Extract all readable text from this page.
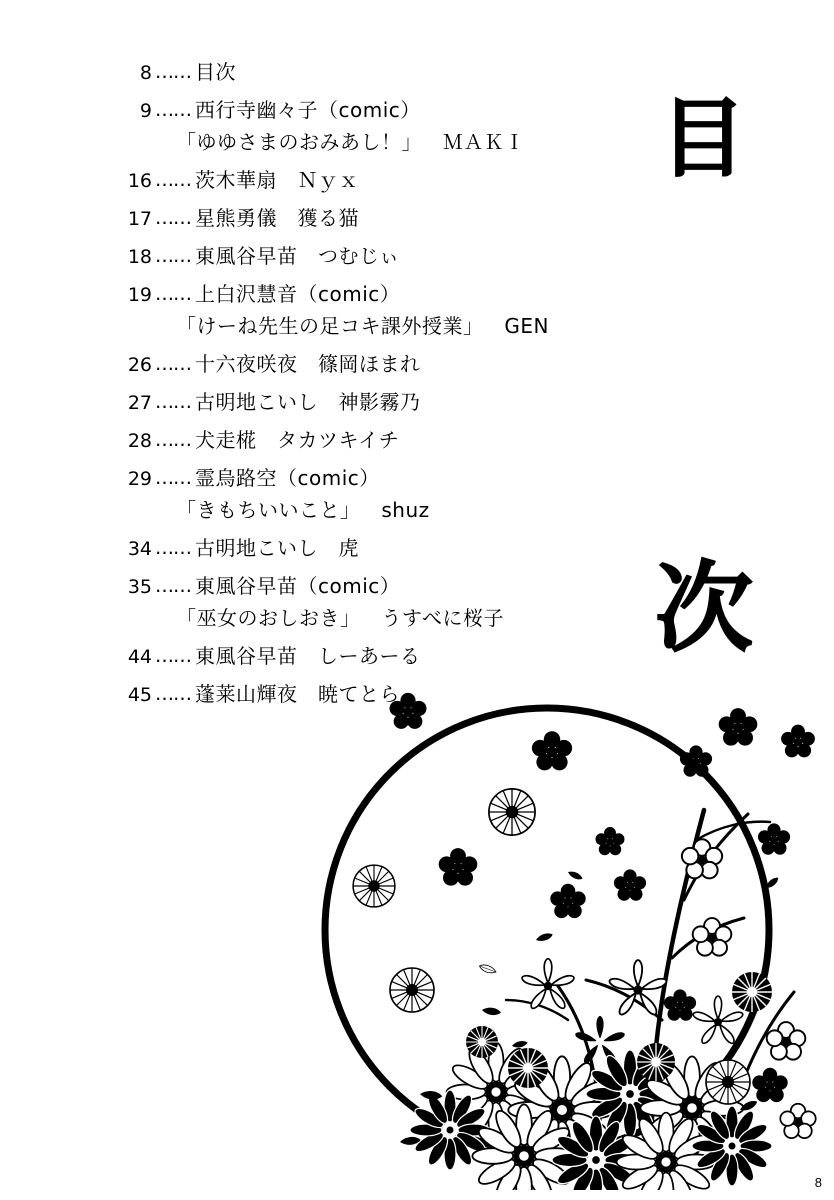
8 …… 目次
9 …… 西行寺幽々子（comic）
「ゆゆさまのおみあし！」 ＭＡＫＩ
16 …… 茨木華扇　Ｎｙｘ
17 …… 星熊勇儀　獲る猫
18 …… 東風谷早苗　つむじぃ
19 …… 上白沢慧音（comic）
「けーね先生の足コキ課外授業」 GEN
26 …… 十六夜咲夜　篠岡ほまれ
27 …… 古明地こいし　神影霧乃
28 …… 犬走椛　タカツキイチ
29 …… 霊烏路空（comic）
「きもちいいこと」 shuz
34 …… 古明地こいし　虎
35 …… 東風谷早苗（comic）
「巫女のおしおき」 うすべに桜子
44 …… 東風谷早苗　しーあーる
45 …… 蓬莱山輝夜　暁てとら
目
次
8
